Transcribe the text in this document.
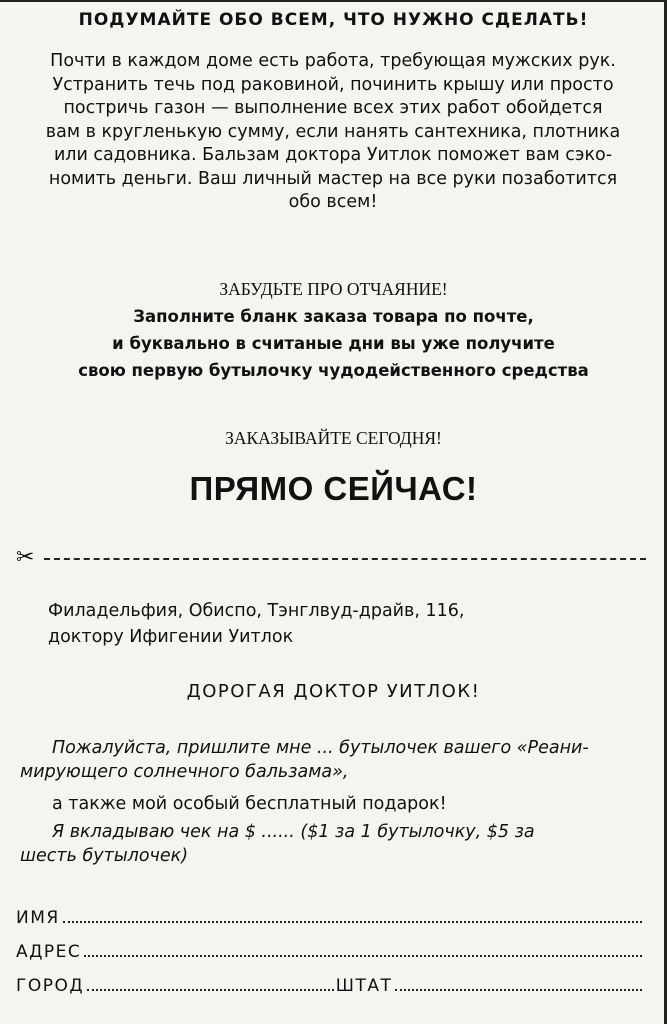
ПОДУМАЙТЕ ОБО ВСЕМ, ЧТО НУЖНО СДЕЛАТЬ!
Почти в каждом доме есть работа, требующая мужских рук.
Устранить течь под раковиной, починить крышу или просто
постричь газон — выполнение всех этих работ обойдется
вам в кругленькую сумму, если нанять сантехника, плотника
или садовника. Бальзам доктора Уитлок поможет вам сэко-
номить деньги. Ваш личный мастер на все руки позаботится
обо всем!
ЗАБУДЬТЕ ПРО ОТЧАЯНИЕ!
Заполните бланк заказа товара по почте,
и буквально в считаные дни вы уже получите
свою первую бутылочку чудодейственного средства
ЗАКАЗЫВАЙТЕ СЕГОДНЯ!
ПРЯМО СЕЙЧАС!
✂
Филадельфия, Обиспо, Тэнглвуд-драйв, 116,
доктору Ифигении Уитлок
ДОРОГАЯ ДОКТОР УИТЛОК!
Пожалуйста, пришлите мне ... бутылочек вашего «Реани-
мирующего солнечного бальзама»,
а также мой особый бесплатный подарок!
Я вкладываю чек на $ ...... ($1 за 1 бутылочку, $5 за
шесть бутылочек)
ИМЯ
АДРЕС
ГОРОД	ШТАТ
